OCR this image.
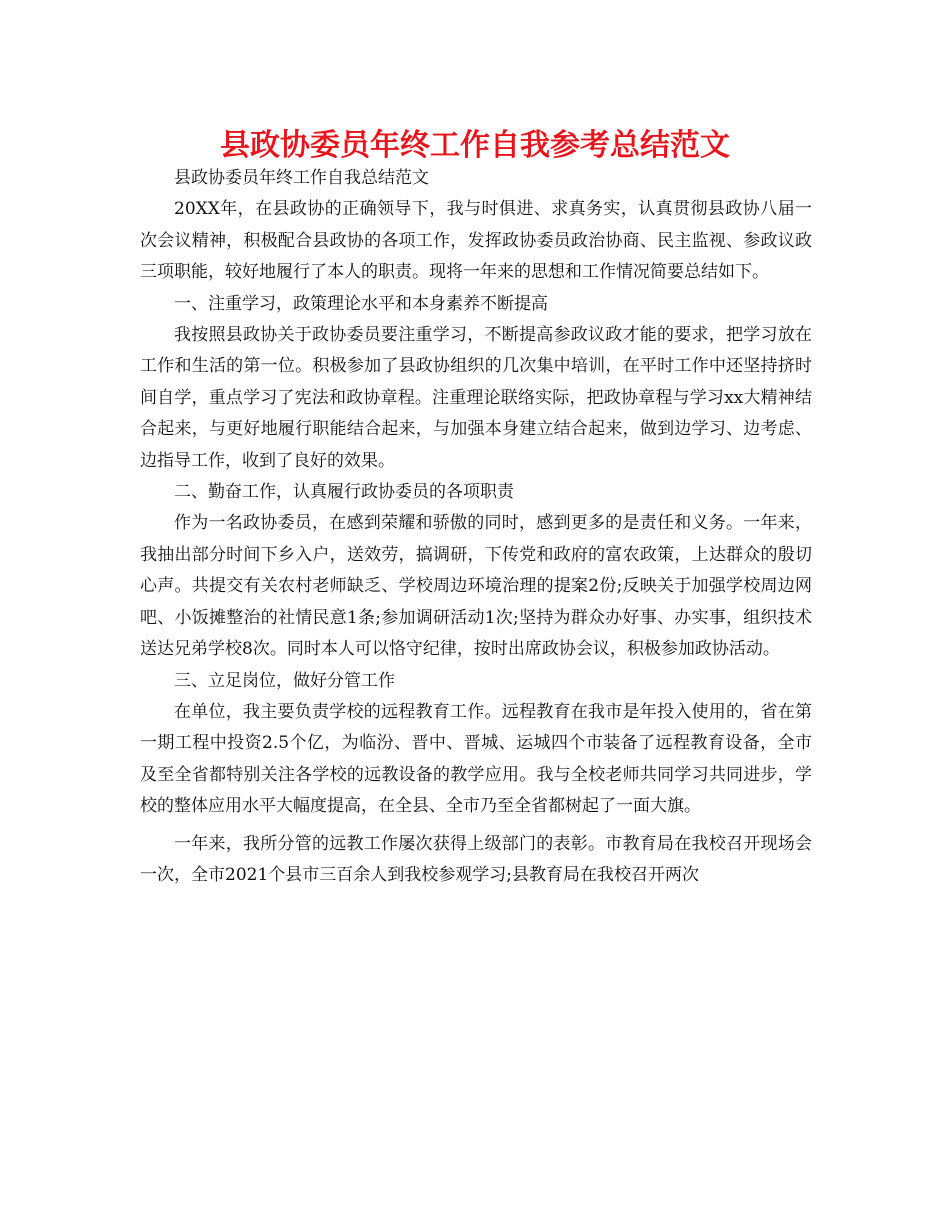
县政协委员年终工作自我参考总结范文

县政协委员年终工作自我总结范文

20XX年，在县政协的正确领导下，我与时俱进、求真务实，认真贯彻县政协八届一次会议精神，积极配合县政协的各项工作，发挥政协委员政治协商、民主监视、参政议政三项职能，较好地履行了本人的职责。现将一年来的思想和工作情况简要总结如下。

一、注重学习，政策理论水平和本身素养不断提高

我按照县政协关于政协委员要注重学习，不断提高参政议政才能的要求，把学习放在工作和生活的第一位。积极参加了县政协组织的几次集中培训，在平时工作中还坚持挤时间自学，重点学习了宪法和政协章程。注重理论联络实际，把政协章程与学习xx大精神结合起来，与更好地履行职能结合起来，与加强本身建立结合起来，做到边学习、边考虑、边指导工作，收到了良好的效果。

二、勤奋工作，认真履行政协委员的各项职责

作为一名政协委员，在感到荣耀和骄傲的同时，感到更多的是责任和义务。一年来，我抽出部分时间下乡入户，送效劳，搞调研，下传党和政府的富农政策，上达群众的殷切心声。共提交有关农村老师缺乏、学校周边环境治理的提案2份;反映关于加强学校周边网吧、小饭摊整治的社情民意1条;参加调研活动1次;坚持为群众办好事、办实事，组织技术送达兄弟学校8次。同时本人可以恪守纪律，按时出席政协会议，积极参加政协活动。

三、立足岗位，做好分管工作

在单位，我主要负责学校的远程教育工作。远程教育在我市是年投入使用的，省在第一期工程中投资2.5个亿，为临汾、晋中、晋城、运城四个市装备了远程教育设备，全市及至全省都特别关注各学校的远教设备的教学应用。我与全校老师共同学习共同进步，学校的整体应用水平大幅度提高，在全县、全市乃至全省都树起了一面大旗。

一年来，我所分管的远教工作屡次获得上级部门的表彰。市教育局在我校召开现场会一次，全市2021个县市三百余人到我校参观学习;县教育局在我校召开两次
